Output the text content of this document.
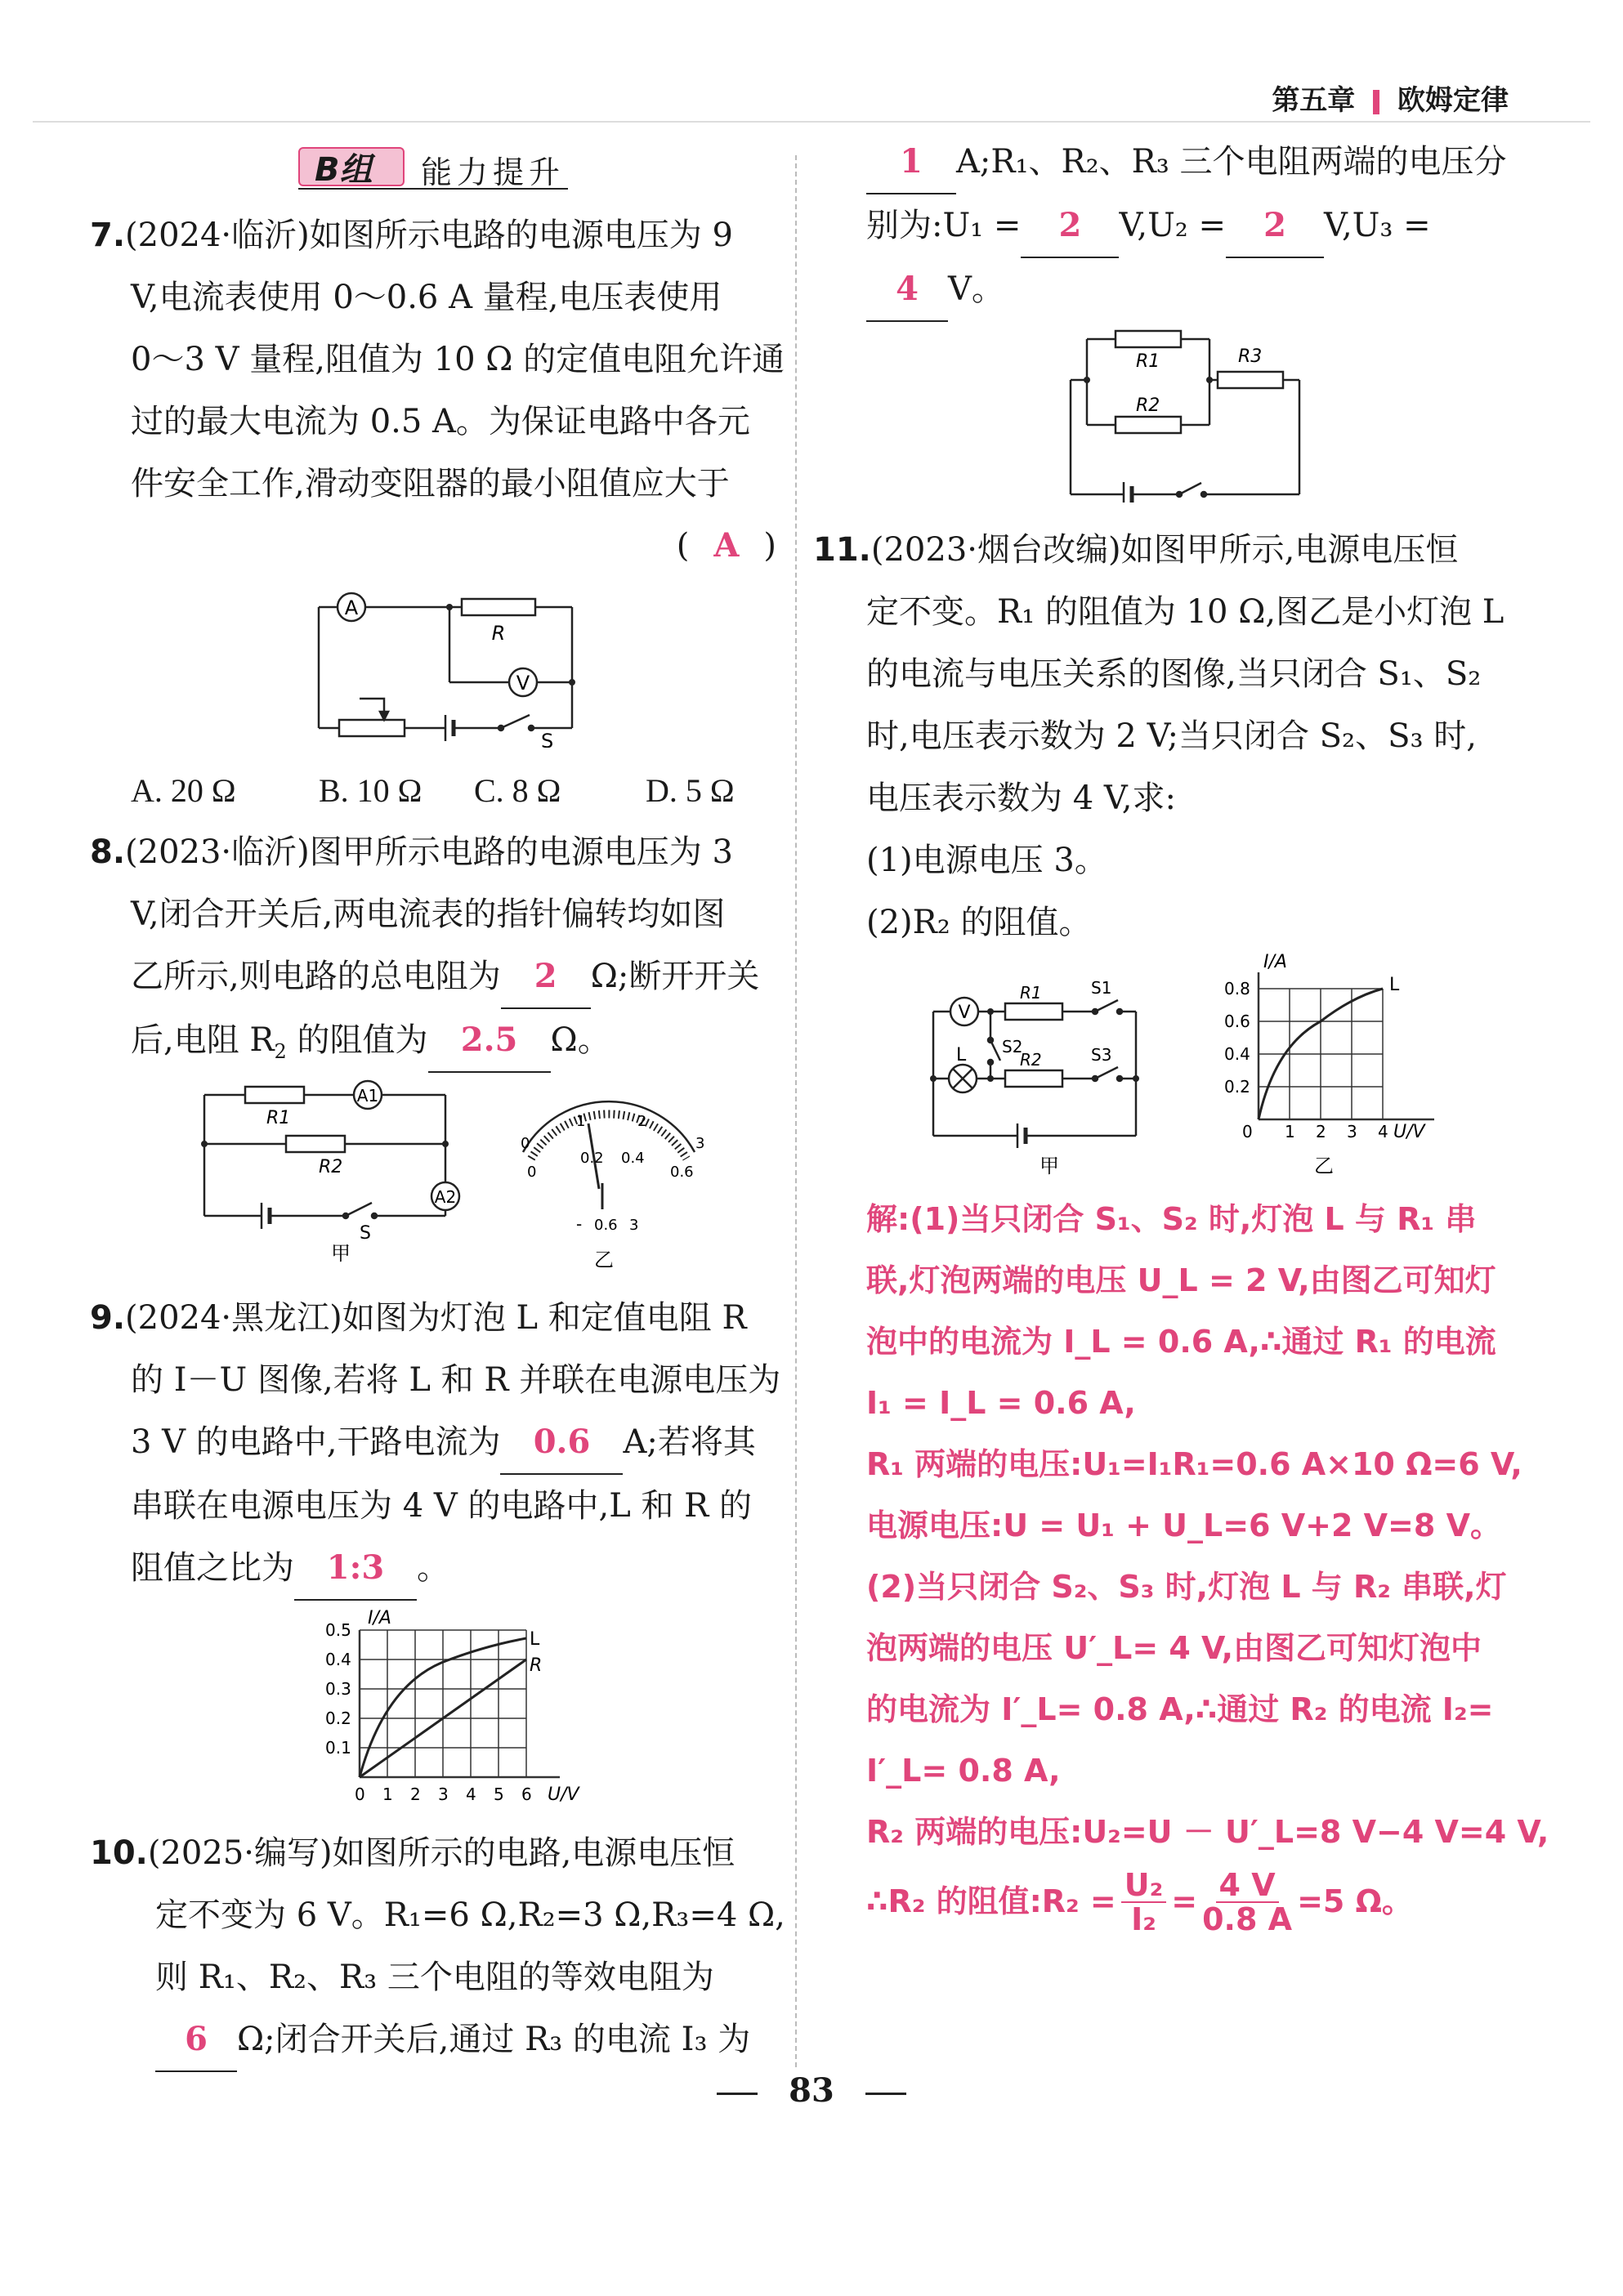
第五章 欧姆定律
B组 能力提升
7.(2024·临沂)如图所示电路的电源电压为 9
V,电流表使用 0～0.6 A 量程,电压表使用
0～3 V 量程,阻值为 10 Ω 的定值电阻允许通
过的最大电流为 0.5 A。为保证电路中各元
件安全工作,滑动变阻器的最小阻值应大于
( A )
A
R
V
S
A. 20 Ω	B. 10 Ω C. 8 Ω	D. 5 Ω
8.(2023·临沂)图甲所示电路的电源电压为 3
V,闭合开关后,两电流表的指针偏转均如图
乙所示,则电路的总电阻为 2 Ω;断开开关
后,电阻 $R_2$ 的阻值为 2.5 Ω。
R1
R2
A1
A2
S
甲
0
1	2
3
0
0.2 0.4
0.6
- 0.6 3
乙
9.(2024·黑龙江)如图为灯泡 L 和定值电阻 R
的 I－U 图像,若将 L 和 R 并联在电源电压为
3 V 的电路中,干路电流为 0.6 A;若将其
串联在电源电压为 4 V 的电路中,L 和 R 的
阻值之比为 1:3 。
I/A
U/V
L
R
0.1
0.2
0.3
0.4
0.5
0 1 2 3 4 5 6
10.(2025·编写)如图所示的电路,电源电压恒
定不变为 6 V。R₁=6 Ω,R₂=3 Ω,R₃=4 Ω,
则 R₁、R₂、R₃ 三个电阻的等效电阻为
6 Ω;闭合开关后,通过 R₃ 的电流 I₃ 为
1 A;R₁、R₂、R₃ 三个电阻两端的电压分
别为:U₁ = 2 V,U₂ = 2 V,U₃ =
4 V。
R1
R2
R3
11.(2023·烟台改编)如图甲所示,电源电压恒
定不变。R₁ 的阻值为 10 Ω,图乙是小灯泡 L
的电流与电压关系的图像,当只闭合 S₁、S₂
时,电压表示数为 2 V;当只闭合 S₂、S₃ 时,
电压表示数为 4 V,求:
(1)电源电压 3。
(2)R₂ 的阻值。
V
L
R1
R2
S1
S2	S3
甲
I/A
U/V
L
0.2
0.4
0.6
0.8
0 1 2 3 4
乙
解:(1)当只闭合 S₁、S₂ 时,灯泡 L 与 R₁ 串
联,灯泡两端的电压 U_L = 2 V,由图乙可知灯
泡中的电流为 I_L = 0.6 A,∴通过 R₁ 的电流
I₁ = I_L = 0.6 A,
R₁ 两端的电压:U₁=I₁R₁=0.6 A×10 Ω=6 V,
电源电压:U = U₁ + U_L=6 V+2 V=8 V。
(2)当只闭合 S₂、S₃ 时,灯泡 L 与 R₂ 串联,灯
泡两端的电压 U′_L= 4 V,由图乙可知灯泡中
的电流为 I′_L= 0.8 A,∴通过 R₂ 的电流 I₂=
I′_L= 0.8 A,
R₂ 两端的电压:U₂=U － U′_L=8 V−4 V=4 V,
∴R₂ 的阻值:R₂ = $\frac{\text{U₂}}{\text{I₂}} = \frac{4 V}{0.8 A} =5$ Ω。
83
